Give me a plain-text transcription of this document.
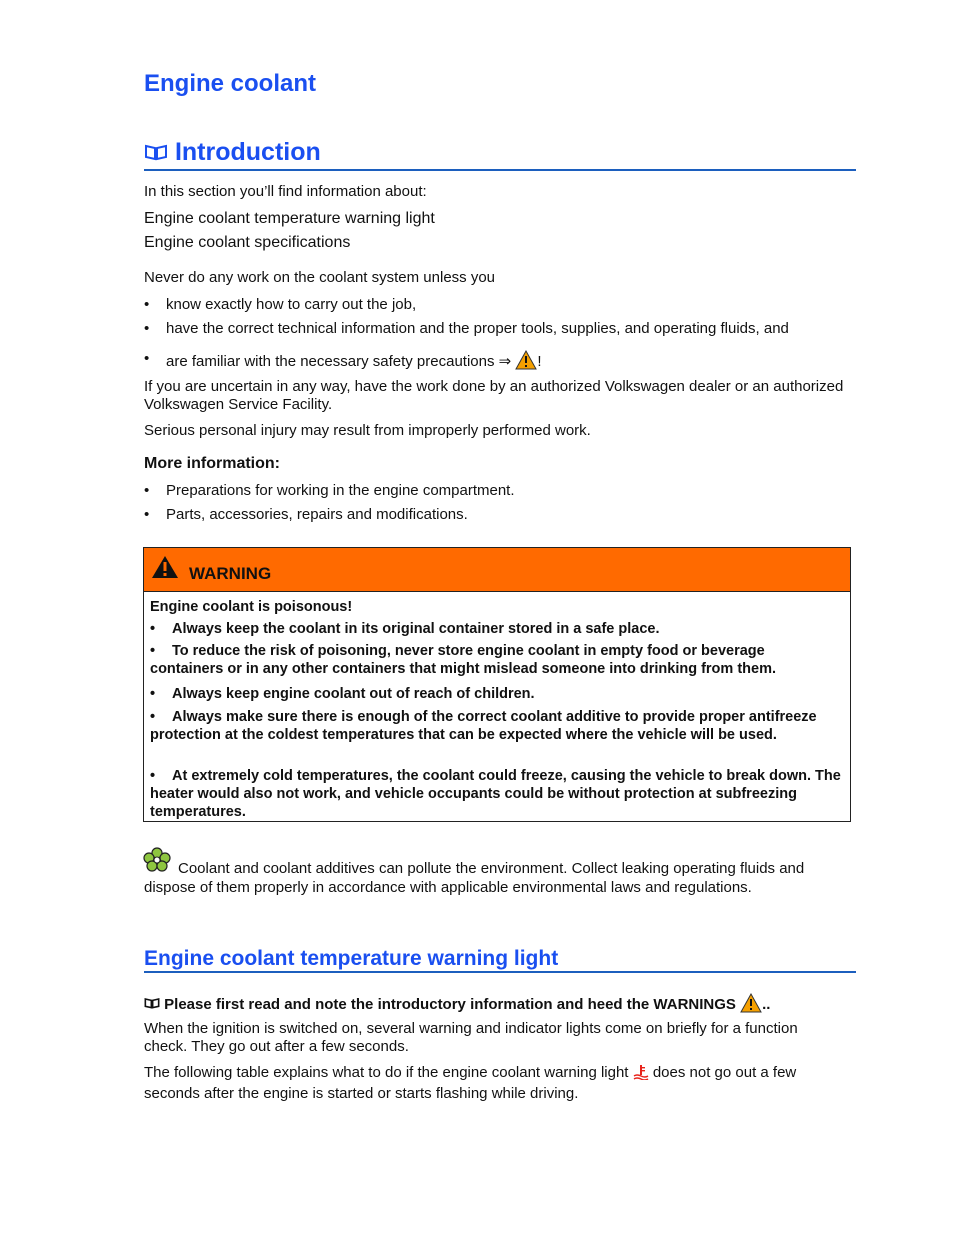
Engine coolant
Introduction

In this section you’ll find information about:

Engine coolant temperature warning light

Engine coolant specifications

Never do any work on the coolant system unless you

•	know exactly how to carry out the job,
•	have the correct technical information and the proper tools, supplies, and operating fluids, and
•	are familiar with the necessary safety precautions ⇒ !

If you are uncertain in any way, have the work done by an authorized Volkswagen dealer or an authorized Volkswagen Service Facility.

Serious personal injury may result from improperly performed work.

More information:

•	Preparations for working in the engine compartment.
•	Parts, accessories, repairs and modifications.
WARNING

Engine coolant is poisonous!

•	Always keep the coolant in its original container stored in a safe place.

•	To reduce the risk of poisoning, never store engine coolant in empty food or beverage containers or in any other containers that might mislead someone into drinking from them.

•	Always keep engine coolant out of reach of children.

•	Always make sure there is enough of the correct coolant additive to provide proper antifreeze protection at the coldest temperatures that can be expected where the vehicle will be used.

•	At extremely cold temperatures, the coolant could freeze, causing the vehicle to break down. The heater would also not work, and vehicle occupants could be without protection at subfreezing temperatures.

Coolant and coolant additives can pollute the environment. Collect leaking operating fluids and dispose of them properly in accordance with applicable environmental laws and regulations.

Engine coolant temperature warning light

Please first read and note the introductory information and heed the WARNINGS ..

When the ignition is switched on, several warning and indicator lights come on briefly for a function check. They go out after a few seconds.

The following table explains what to do if the engine coolant warning light does not go out a few seconds after the engine is started or starts flashing while driving.
